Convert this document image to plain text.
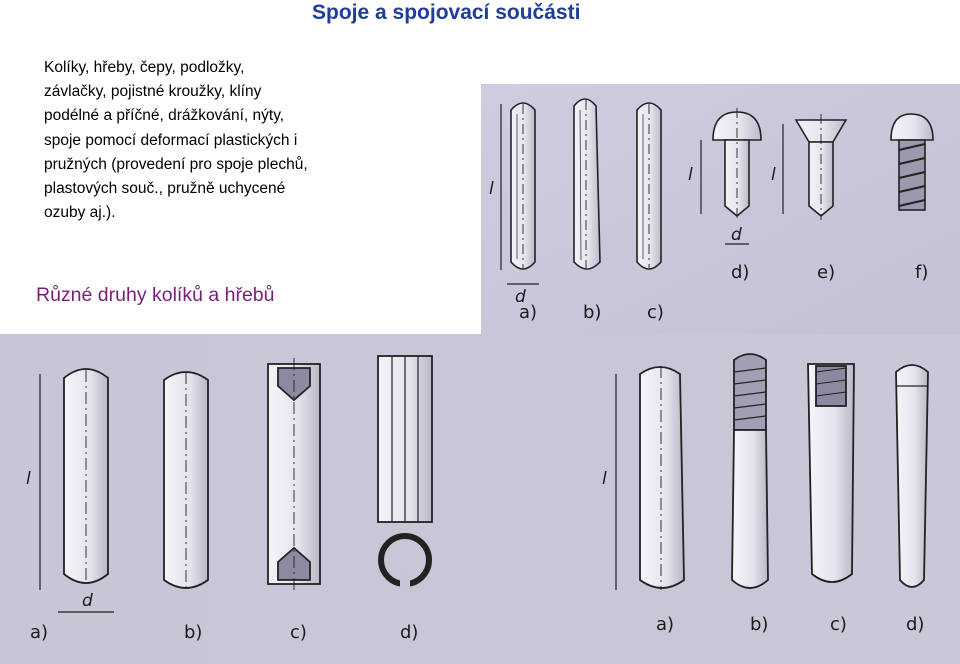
Spoje a spojovací součásti
Kolíky, hřeby, čepy, podložky,
závlačky, pojistné kroužky, klíny
podélné a příčné, drážkování, nýty,
spoje pomocí deformací plastických i
pružných (provedení pro spoje plechů,
plastových souč., pružně uchycené
ozuby aj.).
Různé druhy kolíků a hřebů
l
d
l	l
d
a)	b)	c)
d)	e)	f)
l
d
l
a)	b)	c)	d)	a)	b)	c)	d)
